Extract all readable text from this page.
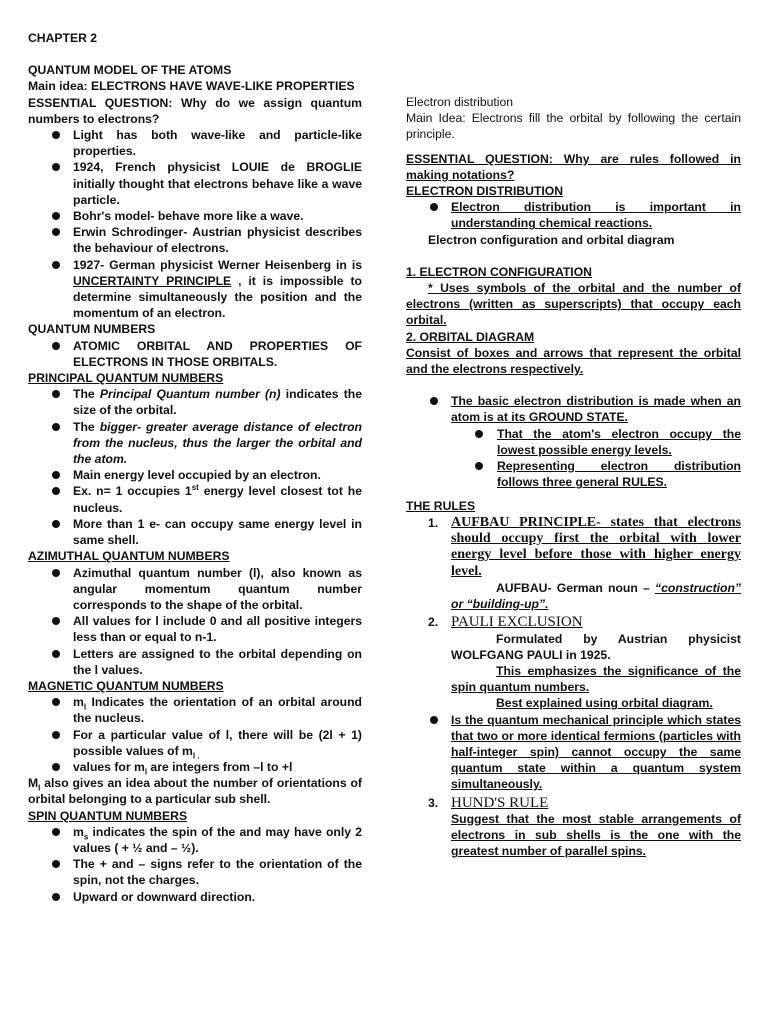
CHAPTER 2

QUANTUM MODEL OF THE ATOMS

Main idea: ELECTRONS HAVE WAVE-LIKE PROPERTIES

ESSENTIAL QUESTION: Why do we assign quantum numbers to electrons?

Light has both wave-like and particle-like properties.
1924, French physicist LOUIE de BROGLIE initially thought that electrons behave like a wave particle.
Bohr's model- behave more like a wave.
Erwin Schrodinger- Austrian physicist describes the behaviour of electrons.
1927- German physicist Werner Heisenberg in is UNCERTAINTY PRINCIPLE , it is impossible to determine simultaneously the position and the momentum of an electron.

QUANTUM NUMBERS

ATOMIC ORBITAL AND PROPERTIES OF ELECTRONS IN THOSE ORBITALS.

PRINCIPAL QUANTUM NUMBERS

The Principal Quantum number (n) indicates the size of the orbital.
The bigger- greater average distance of electron from the nucleus, thus the larger the orbital and the atom.
Main energy level occupied by an electron.
Ex. n= 1 occupies 1st energy level closest tot he nucleus.
More than 1 e- can occupy same energy level in same shell.

AZIMUTHAL QUANTUM NUMBERS

Azimuthal quantum number (l), also known as angular momentum quantum number corresponds to the shape of the orbital.
All values for l include 0 and all positive integers less than or equal to n-1.
Letters are assigned to the orbital depending on the l values.

MAGNETIC QUANTUM NUMBERS

$m_l$ Indicates the orientation of an orbital around the nucleus.
For a particular value of l, there will be (2l + 1) possible values of $m_{l .}$
values for $m_l$ are integers from –l to +l

$M_l$ also gives an idea about the number of orientations of orbital belonging to a particular sub shell.

SPIN QUANTUM NUMBERS

$m_s$ indicates the spin of the and may have only 2 values ( + ½ and – ½).
The + and – signs refer to the orientation of the spin, not the charges.
Upward or downward direction.

Electron distribution

Main Idea: Electrons fill the orbital by following the certain principle.

ESSENTIAL QUESTION: Why are rules followed in making notations?

ELECTRON DISTRIBUTION

Electron distribution is important in understanding chemical reactions.

Electron configuration and orbital diagram

1. ELECTRON CONFIGURATION

* Uses symbols of the orbital and the number of electrons (written as superscripts) that occupy each orbital.

2. ORBITAL DIAGRAM

Consist of boxes and arrows that represent the orbital and the electrons respectively.

The basic electron distribution is made when an atom is at its GROUND STATE.
That the atom's electron occupy the lowest possible energy levels.
Representing electron distribution follows three general RULES.

THE RULES

1. AUFBAU PRINCIPLE- states that electrons should occupy first the orbital with lower energy level before those with higher energy level.

AUFBAU- German noun – “construction” or “building-up”.

2. PAULI EXCLUSION

Formulated by Austrian physicist WOLFGANG PAULI in 1925.

This emphasizes the significance of the spin quantum numbers.

Best explained using orbital diagram.

Is the quantum mechanical principle which states that two or more identical fermions (particles with half-integer spin) cannot occupy the same quantum state within a quantum system simultaneously.
3. HUND'S RULE

Suggest that the most stable arrangements of electrons in sub shells is the one with the greatest number of parallel spins.
